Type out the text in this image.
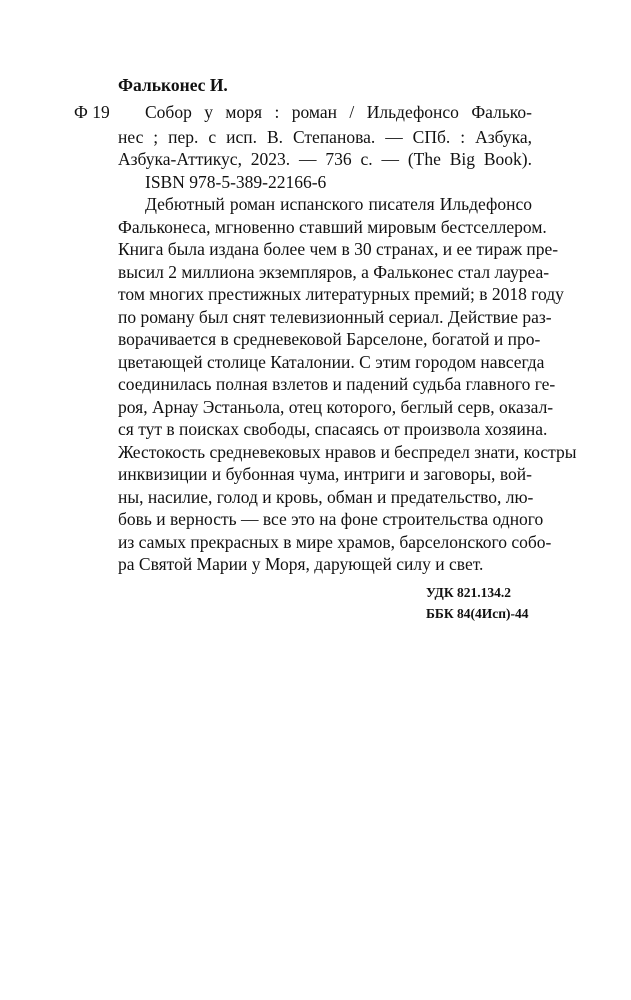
Фальконес И.
Ф 19 Собор у моря : роман / Ильдефонсо Фалько-
нес ; пер. с исп. В. Степанова. — СПб. : Азбука,
Азбука-Аттикус, 2023. — 736 с. — (The Big Book).
ISBN 978-5-389-22166-6
Дебютный роман испанского писателя Ильдефонсо
Фальконеса, мгновенно ставший мировым бестселлером.
Книга была издана более чем в 30 странах, и ее тираж пре-
высил 2 миллиона экземпляров, а Фальконес стал лауреа-
том многих престижных литературных премий; в 2018 году
по роману был снят телевизионный сериал. Действие раз-
ворачивается в средневековой Барселоне, богатой и про-
цветающей столице Каталонии. С этим городом навсегда
соединилась полная взлетов и падений судьба главного ге-
роя, Арнау Эстаньола, отец которого, беглый серв, оказал-
ся тут в поисках свободы, спасаясь от произвола хозяина.
Жестокость средневековых нравов и беспредел знати, костры
инквизиции и бубонная чума, интриги и заговоры, вой-
ны, насилие, голод и кровь, обман и предательство, лю-
бовь и верность — все это на фоне строительства одного
из самых прекрасных в мире храмов, барселонского собо-
ра Святой Марии у Моря, дарующей силу и свет.
УДК 821.134.2
ББК 84(4Исп)-44
